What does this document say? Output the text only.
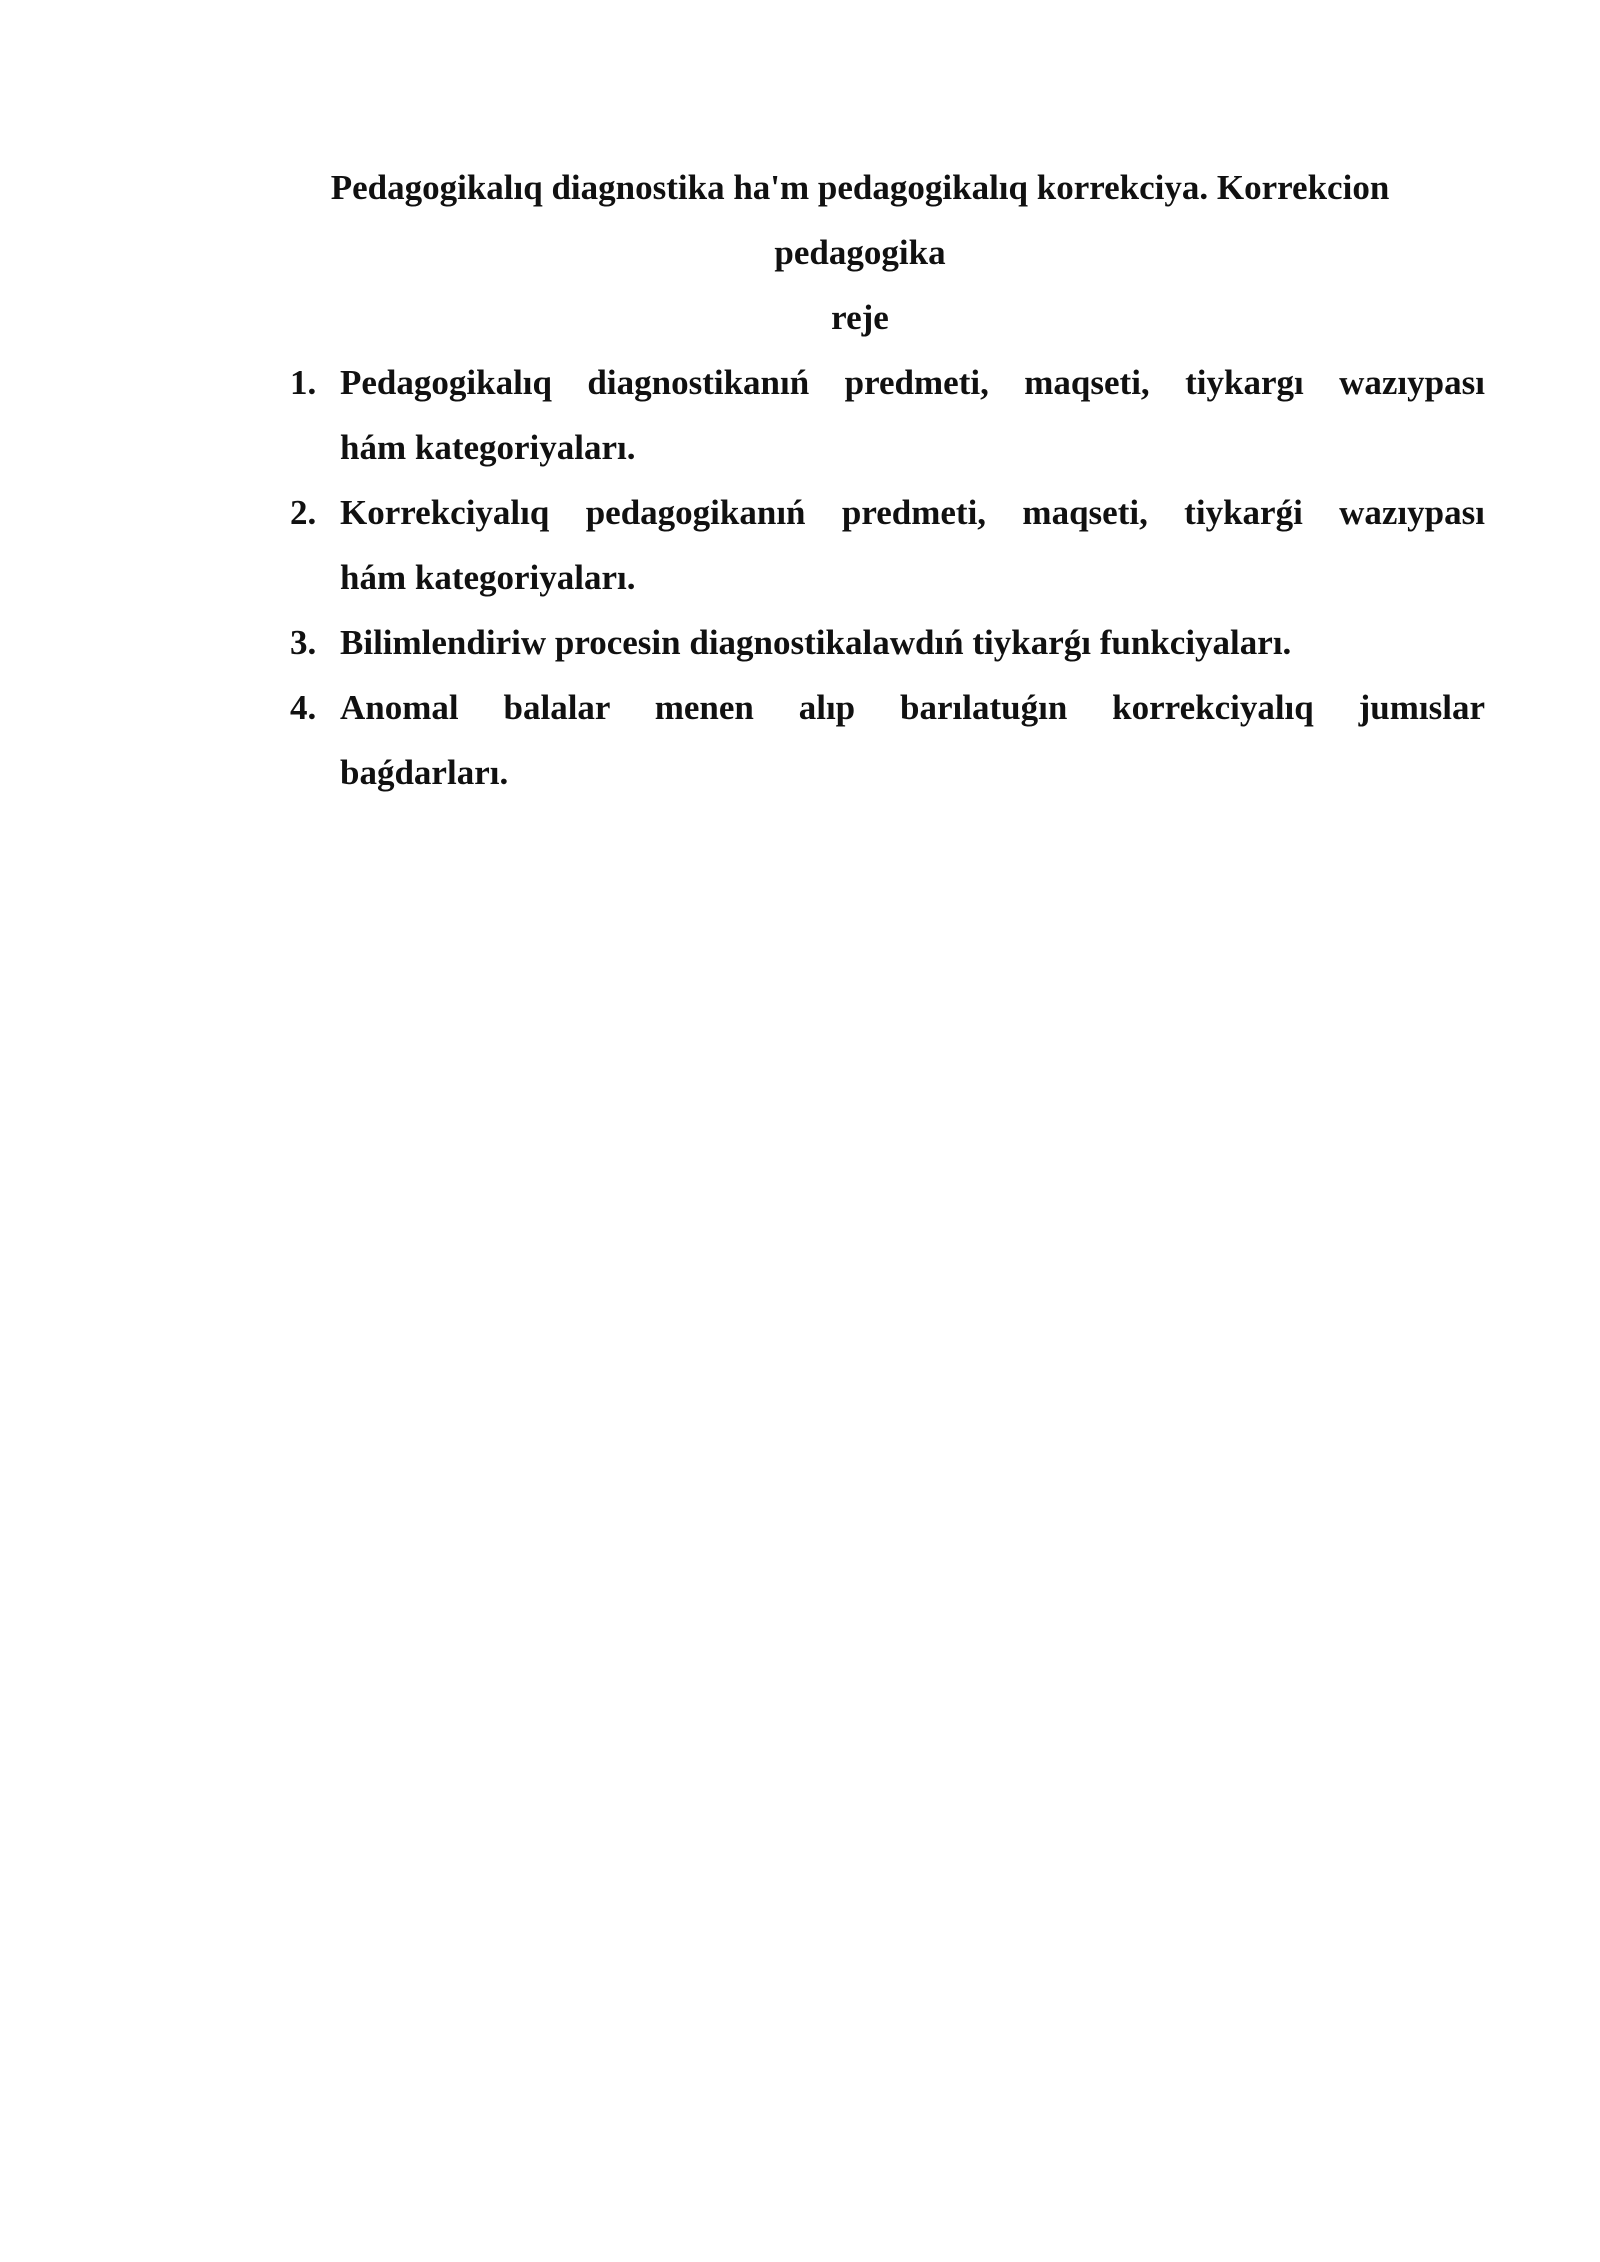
Pedagogikalıq diagnostika ha'm pedagogikalıq korrekciya. Korrekcion
pedagogika
reje
1. Pedagogikalıq diagnostikanıń predmeti, maqseti, tiykargı wazıypası
hám kategoriyaları.
2. Korrekciyalıq pedagogikanıń predmeti, maqseti, tiykarǵi wazıypası
hám kategoriyaları.
3. Bilimlendiriw procesin diagnostikalawdıń tiykarǵı funkciyaları.
4. Anomal balalar menen alıp barılatuǵın korrekciyalıq jumıslar
baǵdarları.
